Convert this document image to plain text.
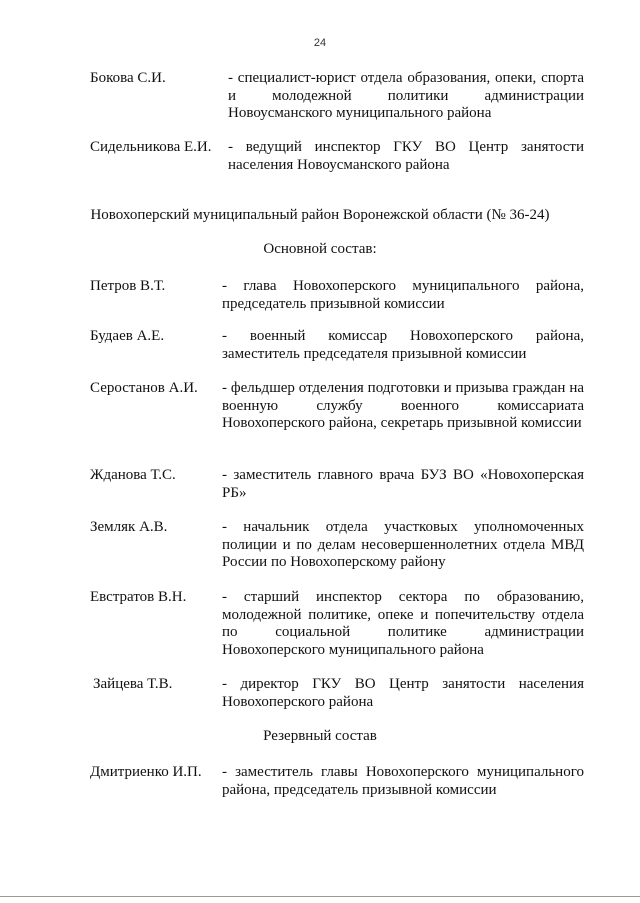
24
Бокова С.И.	- специалист-юрист отдела образования, опеки, спорта и молодежной политики администрации Новоусманского муниципального района
Сидельникова Е.И. - ведущий инспектор ГКУ ВО Центр занятости населения Новоусманского района
Новохоперский муниципальный район Воронежской области (№ 36-24)
Основной состав:
Петров В.Т.	- глава Новохоперского муниципального района, председатель призывной комиссии
Будаев А.Е.	- военный комиссар Новохоперского района, заместитель председателя призывной комиссии
Серостанов А.И. - фельдшер отделения подготовки и призыва граждан на военную службу военного комиссариата Новохоперского района, секретарь призывной комиссии
Жданова Т.С.	- заместитель главного врача БУЗ ВО «Новохоперская РБ»
Земляк А.В.	- начальник отдела участковых уполномоченных полиции и по делам несовершеннолетних отдела МВД России по Новохоперскому району
Евстратов В.Н. - старший инспектор сектора по образованию, молодежной политике, опеке и попечительству отдела по социальной политике администрации Новохоперского муниципального района
Зайцева Т.В.	- директор ГКУ ВО Центр занятости населения Новохоперского района
Резервный состав
Дмитриенко И.П. - заместитель главы Новохоперского муниципального района, председатель призывной комиссии
